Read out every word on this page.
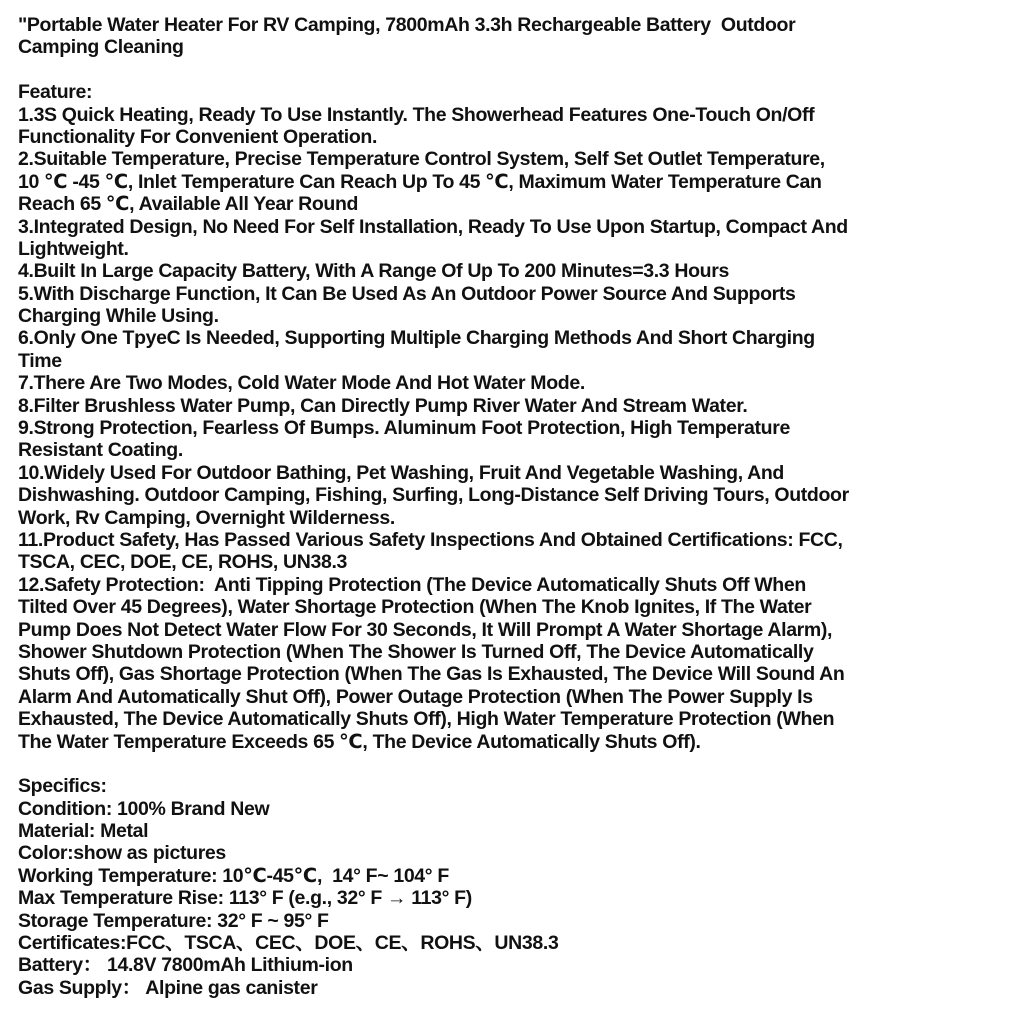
"Portable Water Heater For RV Camping, 7800mAh 3.3h Rechargeable Battery  Outdoor
Camping Cleaning
Feature:
1.3S Quick Heating, Ready To Use Instantly. The Showerhead Features One-Touch On/Off
Functionality For Convenient Operation.
2.Suitable Temperature, Precise Temperature Control System, Self Set Outlet Temperature,
10 ℃ -45 ℃, Inlet Temperature Can Reach Up To 45 ℃, Maximum Water Temperature Can
Reach 65 ℃, Available All Year Round
3.Integrated Design, No Need For Self Installation, Ready To Use Upon Startup, Compact And
Lightweight.
4.Built In Large Capacity Battery, With A Range Of Up To 200 Minutes=3.3 Hours
5.With Discharge Function, It Can Be Used As An Outdoor Power Source And Supports
Charging While Using.
6.Only One TpyeC Is Needed, Supporting Multiple Charging Methods And Short Charging
Time
7.There Are Two Modes, Cold Water Mode And Hot Water Mode.
8.Filter Brushless Water Pump, Can Directly Pump River Water And Stream Water.
9.Strong Protection, Fearless Of Bumps. Aluminum Foot Protection, High Temperature
Resistant Coating.
10.Widely Used For Outdoor Bathing, Pet Washing, Fruit And Vegetable Washing, And
Dishwashing. Outdoor Camping, Fishing, Surfing, Long-Distance Self Driving Tours, Outdoor
Work, Rv Camping, Overnight Wilderness.
11.Product Safety, Has Passed Various Safety Inspections And Obtained Certifications: FCC,
TSCA, CEC, DOE, CE, ROHS, UN38.3
12.Safety Protection:  Anti Tipping Protection (The Device Automatically Shuts Off When
Tilted Over 45 Degrees), Water Shortage Protection (When The Knob Ignites, If The Water
Pump Does Not Detect Water Flow For 30 Seconds, It Will Prompt A Water Shortage Alarm),
Shower Shutdown Protection (When The Shower Is Turned Off, The Device Automatically
Shuts Off), Gas Shortage Protection (When The Gas Is Exhausted, The Device Will Sound An
Alarm And Automatically Shut Off), Power Outage Protection (When The Power Supply Is
Exhausted, The Device Automatically Shuts Off), High Water Temperature Protection (When
The Water Temperature Exceeds 65 ℃, The Device Automatically Shuts Off).
Specifics:
Condition: 100% Brand New
Material: Metal
Color:show as pictures
Working Temperature: 10℃-45℃,  14° F~ 104° F
Max Temperature Rise: 113° F (e.g., 32° F → 113° F)
Storage Temperature: 32° F ~ 95° F
Certificates:FCC、TSCA、CEC、DOE、CE、ROHS、UN38.3
Battery： 14.8V 7800mAh Lithium-ion
Gas Supply： Alpine gas canister
